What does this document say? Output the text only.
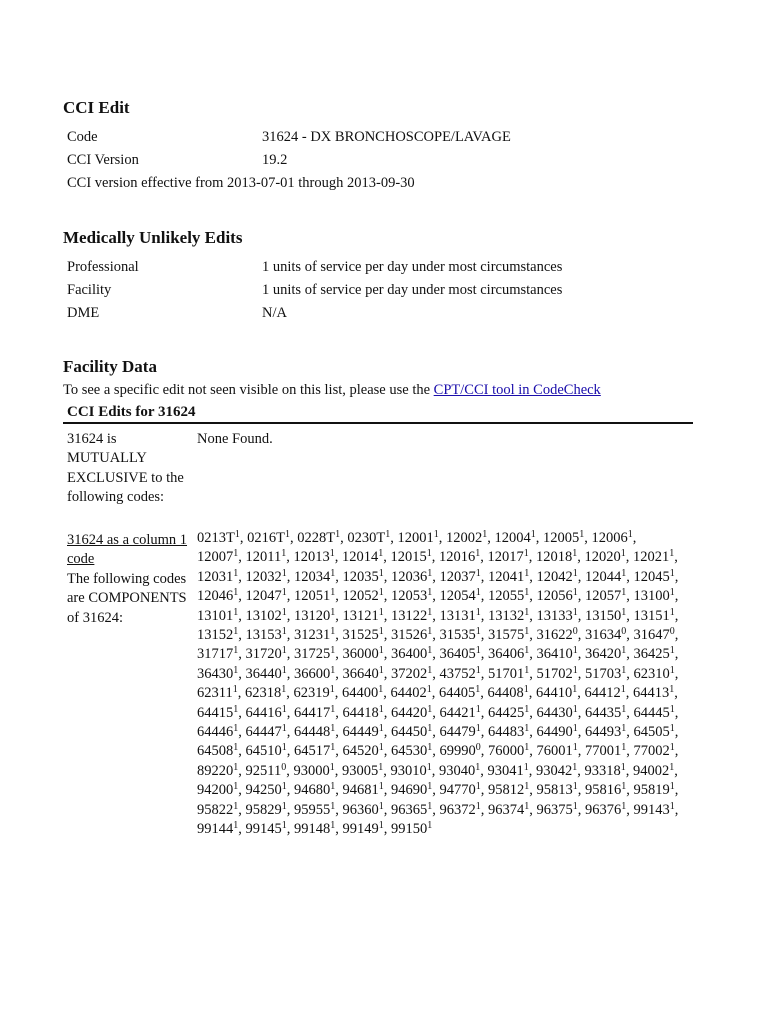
CCI Edit
Code	31624 - DX BRONCHOSCOPE/LAVAGE
CCI Version	19.2
CCI version effective from 2013-07-01 through 2013-09-30	
Medically Unlikely Edits
Professional	1 units of service per day under most circumstances
Facility	1 units of service per day under most circumstances
DME	N/A
Facility Data
To see a specific edit not seen visible on this list, please use the CPT/CCI tool in CodeCheck
CCI Edits for 31624
31624 is MUTUALLY EXCLUSIVE to the following codes:
None Found.
31624 as a column 1 code
The following codes are COMPONENTS of 31624:
$0213T^1$, $0216T^1$, $0228T^1$, $0230T^1$, 12001$^1$, 12002$^1$, 12004$^1$, 12005$^1$, 12006$^1$, 12007$^1$, 12011$^1$, 12013$^1$, 12014$^1$, 12015$^1$, 12016$^1$, 12017$^1$, 12018$^1$, 12020$^1$, 12021$^1$, 12031$^1$, 12032$^1$, 12034$^1$, 12035$^1$, 12036$^1$, 12037$^1$, 12041$^1$, 12042$^1$, 12044$^1$, 12045$^1$, 12046$^1$, 12047$^1$, 12051$^1$, 12052$^1$, 12053$^1$, 12054$^1$, 12055$^1$, 12056$^1$, 12057$^1$, 13100$^1$, 13101$^1$, 13102$^1$, 13120$^1$, 13121$^1$, 13122$^1$, 13131$^1$, 13132$^1$, 13133$^1$, 13150$^1$, 13151$^1$, 13152$^1$, 13153$^1$, 31231$^1$, 31525$^1$, 31526$^1$, 31535$^1$, 31575$^1$, 31622$^0$, 31634$^0$, 31647$^0$, 31717$^1$, 31720$^1$, 31725$^1$, 36000$^1$, 36400$^1$, 36405$^1$, 36406$^1$, 36410$^1$, 36420$^1$, 36425$^1$, 36430$^1$, 36440$^1$, 36600$^1$, 36640$^1$, 37202$^1$, 43752$^1$, 51701$^1$, 51702$^1$, 51703$^1$, 62310$^1$, 62311$^1$, 62318$^1$, 62319$^1$, 64400$^1$, 64402$^1$, 64405$^1$, 64408$^1$, 64410$^1$, 64412$^1$, 64413$^1$, 64415$^1$, 64416$^1$, 64417$^1$, 64418$^1$, 64420$^1$, 64421$^1$, 64425$^1$, 64430$^1$, 64435$^1$, 64445$^1$, 64446$^1$, 64447$^1$, 64448$^1$, 64449$^1$, 64450$^1$, 64479$^1$, 64483$^1$, 64490$^1$, 64493$^1$, 64505$^1$, 64508$^1$, 64510$^1$, 64517$^1$, 64520$^1$, 64530$^1$, 69990$^0$, 76000$^1$, 76001$^1$, 77001$^1$, 77002$^1$, 89220$^1$, 92511$^0$, 93000$^1$, 93005$^1$, 93010$^1$, 93040$^1$, 93041$^1$, 93042$^1$, 93318$^1$, 94002$^1$, 94200$^1$, 94250$^1$, 94680$^1$, 94681$^1$, 94690$^1$, 94770$^1$, 95812$^1$, 95813$^1$, 95816$^1$, 95819$^1$, 95822$^1$, 95829$^1$, 95955$^1$, 96360$^1$, 96365$^1$, 96372$^1$, 96374$^1$, 96375$^1$, 96376$^1$, 99143$^1$, 99144$^1$, 99145$^1$, 99148$^1$, 99149$^1$, 99150$^1$
